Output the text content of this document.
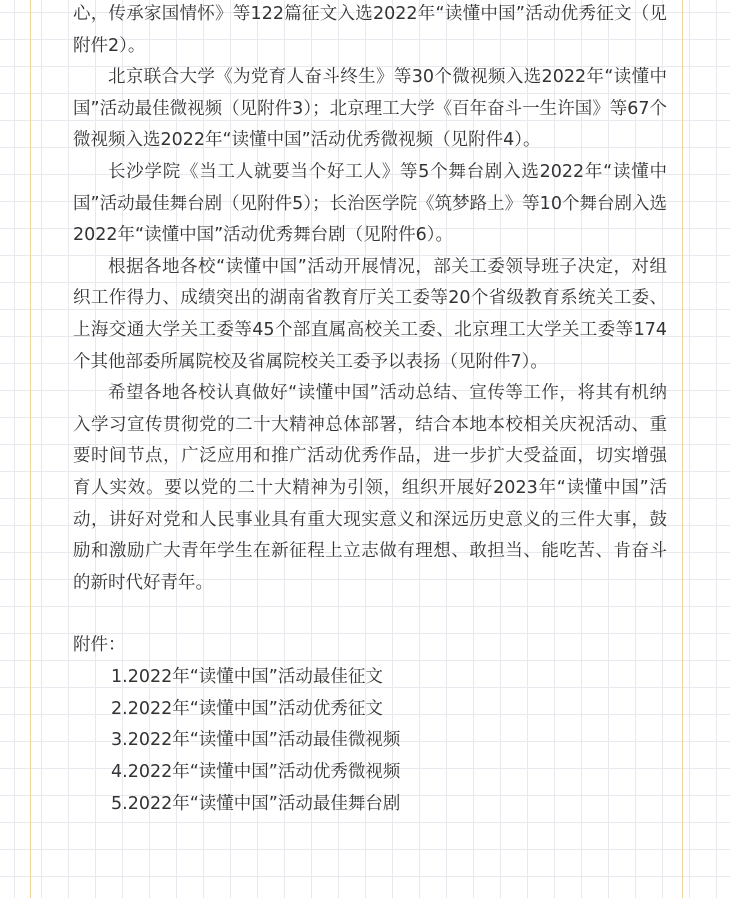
心，传承家国情怀》等122篇征文入选2022年“读懂中国”活动优秀征文（见附件2）。

北京联合大学《为党育人奋斗终生》等30个微视频入选2022年“读懂中国”活动最佳微视频（见附件3）；北京理工大学《百年奋斗一生许国》等67个微视频入选2022年“读懂中国”活动优秀微视频（见附件4）。

长沙学院《当工人就要当个好工人》等5个舞台剧入选2022年“读懂中国”活动最佳舞台剧（见附件5）；长治医学院《筑梦路上》等10个舞台剧入选2022年“读懂中国”活动优秀舞台剧（见附件6）。

根据各地各校“读懂中国”活动开展情况，部关工委领导班子决定，对组织工作得力、成绩突出的湖南省教育厅关工委等20个省级教育系统关工委、上海交通大学关工委等45个部直属高校关工委、北京理工大学关工委等174个其他部委所属院校及省属院校关工委予以表扬（见附件7）。

希望各地各校认真做好“读懂中国”活动总结、宣传等工作，将其有机纳入学习宣传贯彻党的二十大精神总体部署，结合本地本校相关庆祝活动、重要时间节点，广泛应用和推广活动优秀作品，进一步扩大受益面，切实增强育人实效。要以党的二十大精神为引领，组织开展好2023年“读懂中国”活动，讲好对党和人民事业具有重大现实意义和深远历史意义的三件大事，鼓励和激励广大青年学生在新征程上立志做有理想、敢担当、能吃苦、肯奋斗的新时代好青年。

附件：

1.2022年“读懂中国”活动最佳征文
2.2022年“读懂中国”活动优秀征文
3.2022年“读懂中国”活动最佳微视频
4.2022年“读懂中国”活动优秀微视频
5.2022年“读懂中国”活动最佳舞台剧
